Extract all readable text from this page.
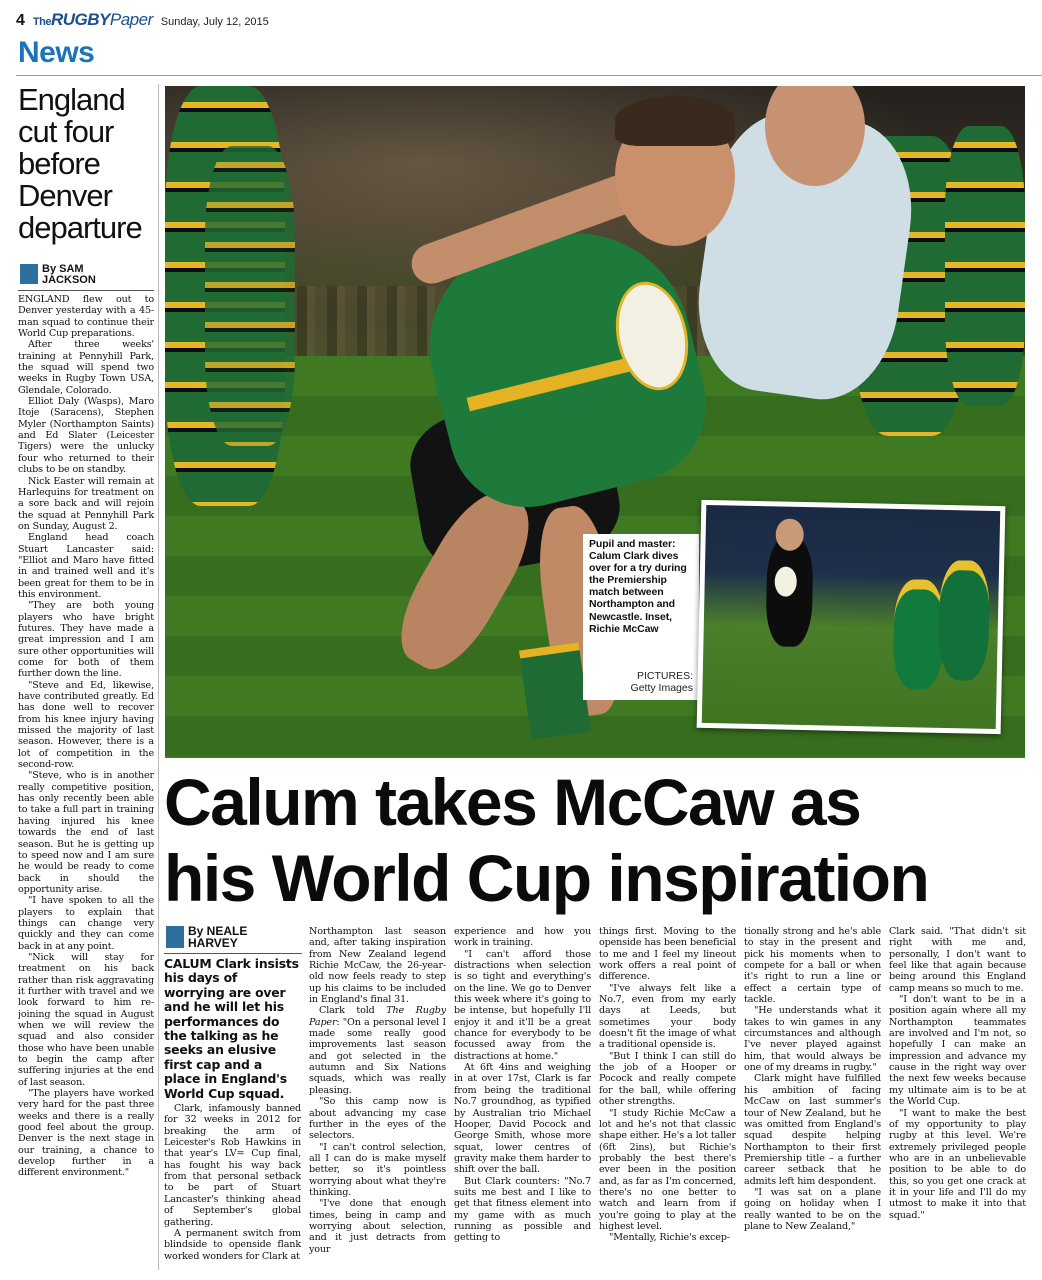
4 TheRUGBYPaper Sunday, July 12, 2015
News
England cut four before Denver departure
By SAM
JACKSON

ENGLAND flew out to Denver yesterday with a 45-man squad to continue their World Cup preparations.

After three weeks' training at Pennyhill Park, the squad will spend two weeks in Rugby Town USA, Glendale, Colorado.

Elliot Daly (Wasps), Maro Itoje (Saracens), Stephen Myler (Northampton Saints) and Ed Slater (Leicester Tigers) were the unlucky four who returned to their clubs to be on standby.

Nick Easter will remain at Harlequins for treatment on a sore back and will rejoin the squad at Pennyhill Park on Sunday, August 2.

England head coach Stuart Lancaster said: "Elliot and Maro have fitted in and trained well and it's been great for them to be in this environment.

"They are both young players who have bright futures. They have made a great impression and I am sure other opportunities will come for both of them further down the line.

"Steve and Ed, likewise, have contributed greatly. Ed has done well to recover from his knee injury having missed the majority of last season. However, there is a lot of competition in the second-row.

"Steve, who is in another really competitive position, has only recently been able to take a full part in training having injured his knee towards the end of last season. But he is getting up to speed now and I am sure he would be ready to come back in should the opportunity arise.

"I have spoken to all the players to explain that things can change very quickly and they can come back in at any point.

"Nick will stay for treatment on his back rather than risk aggravating it further with travel and we look forward to him re-joining the squad in August when we will review the squad and also consider those who have been unable to begin the camp after suffering injuries at the end of last season.

"The players have worked very hard for the past three weeks and there is a really good feel about the group. Denver is the next stage in our training, a chance to develop further in a different environment."

Pupil and master: Calum Clark dives over for a try during the Premiership match between Northampton and Newcastle. Inset, Richie McCaw
PICTURES:
Getty Images
Calum takes McCaw as
his World Cup inspiration
By NEALE
HARVEY
CALUM Clark insists his days of worrying are over and he will let his performances do the talking as he seeks an elusive first cap and a place in England's World Cup squad.

Clark, infamously banned for 32 weeks in 2012 for breaking the arm of Leicester's Rob Hawkins in that year's LV= Cup final, has fought his way back from that personal setback to be part of Stuart Lancaster's thinking ahead of September's global gathering.

A permanent switch from blindside to openside flank worked wonders for Clark at

Northampton last season and, after taking inspiration from New Zealand legend Richie McCaw, the 26-year-old now feels ready to step up his claims to be included in England's final 31.

Clark told The Rugby Paper: "On a personal level I made some really good improvements last season and got selected in the autumn and Six Nations squads, which was really pleasing.

"So this camp now is about advancing my case further in the eyes of the selectors.

"I can't control selection, all I can do is make myself better, so it's pointless worrying about what they're thinking.

"I've done that enough times, being in camp and worrying about selection, and it just detracts from your

experience and how you work in training.

"I can't afford those distractions when selection is so tight and everything's on the line. We go to Denver this week where it's going to be intense, but hopefully I'll enjoy it and it'll be a great chance for everybody to be focussed away from the distractions at home."

At 6ft 4ins and weighing in at over 17st, Clark is far from being the traditional No.7 groundhog, as typified by Australian trio Michael Hooper, David Pocock and George Smith, whose more squat, lower centres of gravity make them harder to shift over the ball.

But Clark counters: "No.7 suits me best and I like to get that fitness element into my game with as much running as possible and getting to

things first. Moving to the openside has been beneficial to me and I feel my lineout work offers a real point of difference.

"I've always felt like a No.7, even from my early days at Leeds, but sometimes your body doesn't fit the image of what a traditional openside is.

"But I think I can still do the job of a Hooper or Pocock and really compete for the ball, while offering other strengths.

"I study Richie McCaw a lot and he's not that classic shape either. He's a lot taller (6ft 2ins), but Richie's probably the best there's ever been in the position and, as far as I'm concerned, there's no one better to watch and learn from if you're going to play at the highest level.

"Mentally, Richie's excep-

tionally strong and he's able to stay in the present and pick his moments when to compete for a ball or when it's right to run a line or effect a certain type of tackle.

"He understands what it takes to win games in any circumstances and although I've never played against him, that would always be one of my dreams in rugby."

Clark might have fulfilled his ambition of facing McCaw on last summer's tour of New Zealand, but he was omitted from England's squad despite helping Northampton to their first Premiership title – a further career setback that he admits left him despondent.

"I was sat on a plane going on holiday when I really wanted to be on the plane to New Zealand,"

Clark said. "That didn't sit right with me and, personally, I don't want to feel like that again because being around this England camp means so much to me.

"I don't want to be in a position again where all my Northampton teammates are involved and I'm not, so hopefully I can make an impression and advance my cause in the right way over the next few weeks because my ultimate aim is to be at the World Cup.

"I want to make the best of my opportunity to play rugby at this level. We're extremely privileged people who are in an unbelievable position to be able to do this, so you get one crack at it in your life and I'll do my utmost to make it into that squad."
